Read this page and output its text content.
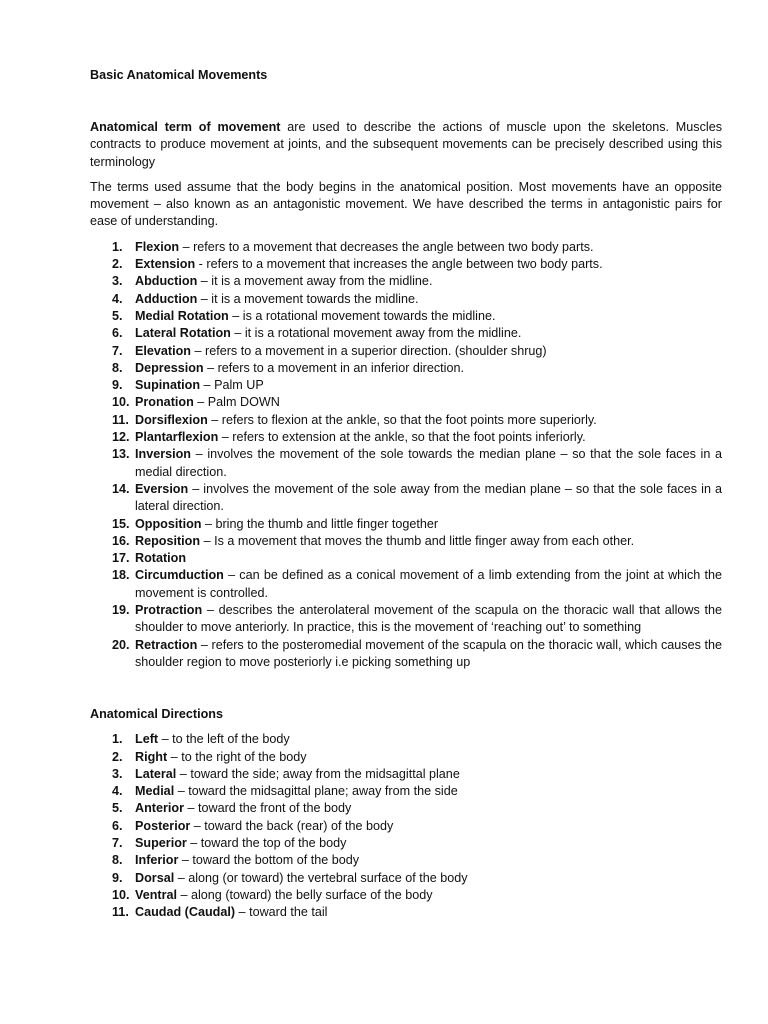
Basic Anatomical Movements

Anatomical term of movement are used to describe the actions of muscle upon the skeletons. Muscles contracts to produce movement at joints, and the subsequent movements can be precisely described using this terminology

The terms used assume that the body begins in the anatomical position. Most movements have an opposite movement – also known as an antagonistic movement. We have described the terms in antagonistic pairs for ease of understanding.

1. Flexion – refers to a movement that decreases the angle between two body parts.
2. Extension - refers to a movement that increases the angle between two body parts.
3. Abduction – it is a movement away from the midline.
4. Adduction – it is a movement towards the midline.
5. Medial Rotation – is a rotational movement towards the midline.
6. Lateral Rotation – it is a rotational movement away from the midline.
7. Elevation – refers to a movement in a superior direction. (shoulder shrug)
8. Depression – refers to a movement in an inferior direction.
9. Supination – Palm UP
10. Pronation – Palm DOWN
11. Dorsiflexion – refers to flexion at the ankle, so that the foot points more superiorly.
12. Plantarflexion – refers to extension at the ankle, so that the foot points inferiorly.
13. Inversion – involves the movement of the sole towards the median plane – so that the sole faces in a medial direction.
14. Eversion – involves the movement of the sole away from the median plane – so that the sole faces in a lateral direction.
15. Opposition – bring the thumb and little finger together
16. Reposition – Is a movement that moves the thumb and little finger away from each other.
17. Rotation
18. Circumduction – can be defined as a conical movement of a limb extending from the joint at which the movement is controlled.
19. Protraction – describes the anterolateral movement of the scapula on the thoracic wall that allows the shoulder to move anteriorly. In practice, this is the movement of ‘reaching out’ to something
20. Retraction – refers to the posteromedial movement of the scapula on the thoracic wall, which causes the shoulder region to move posteriorly i.e picking something up
Anatomical Directions
1. Left – to the left of the body
2. Right – to the right of the body
3. Lateral – toward the side; away from the midsagittal plane
4. Medial – toward the midsagittal plane; away from the side
5. Anterior – toward the front of the body
6. Posterior – toward the back (rear) of the body
7. Superior – toward the top of the body
8. Inferior – toward the bottom of the body
9. Dorsal – along (or toward) the vertebral surface of the body
10. Ventral – along (toward) the belly surface of the body
11. Caudad (Caudal) – toward the tail
